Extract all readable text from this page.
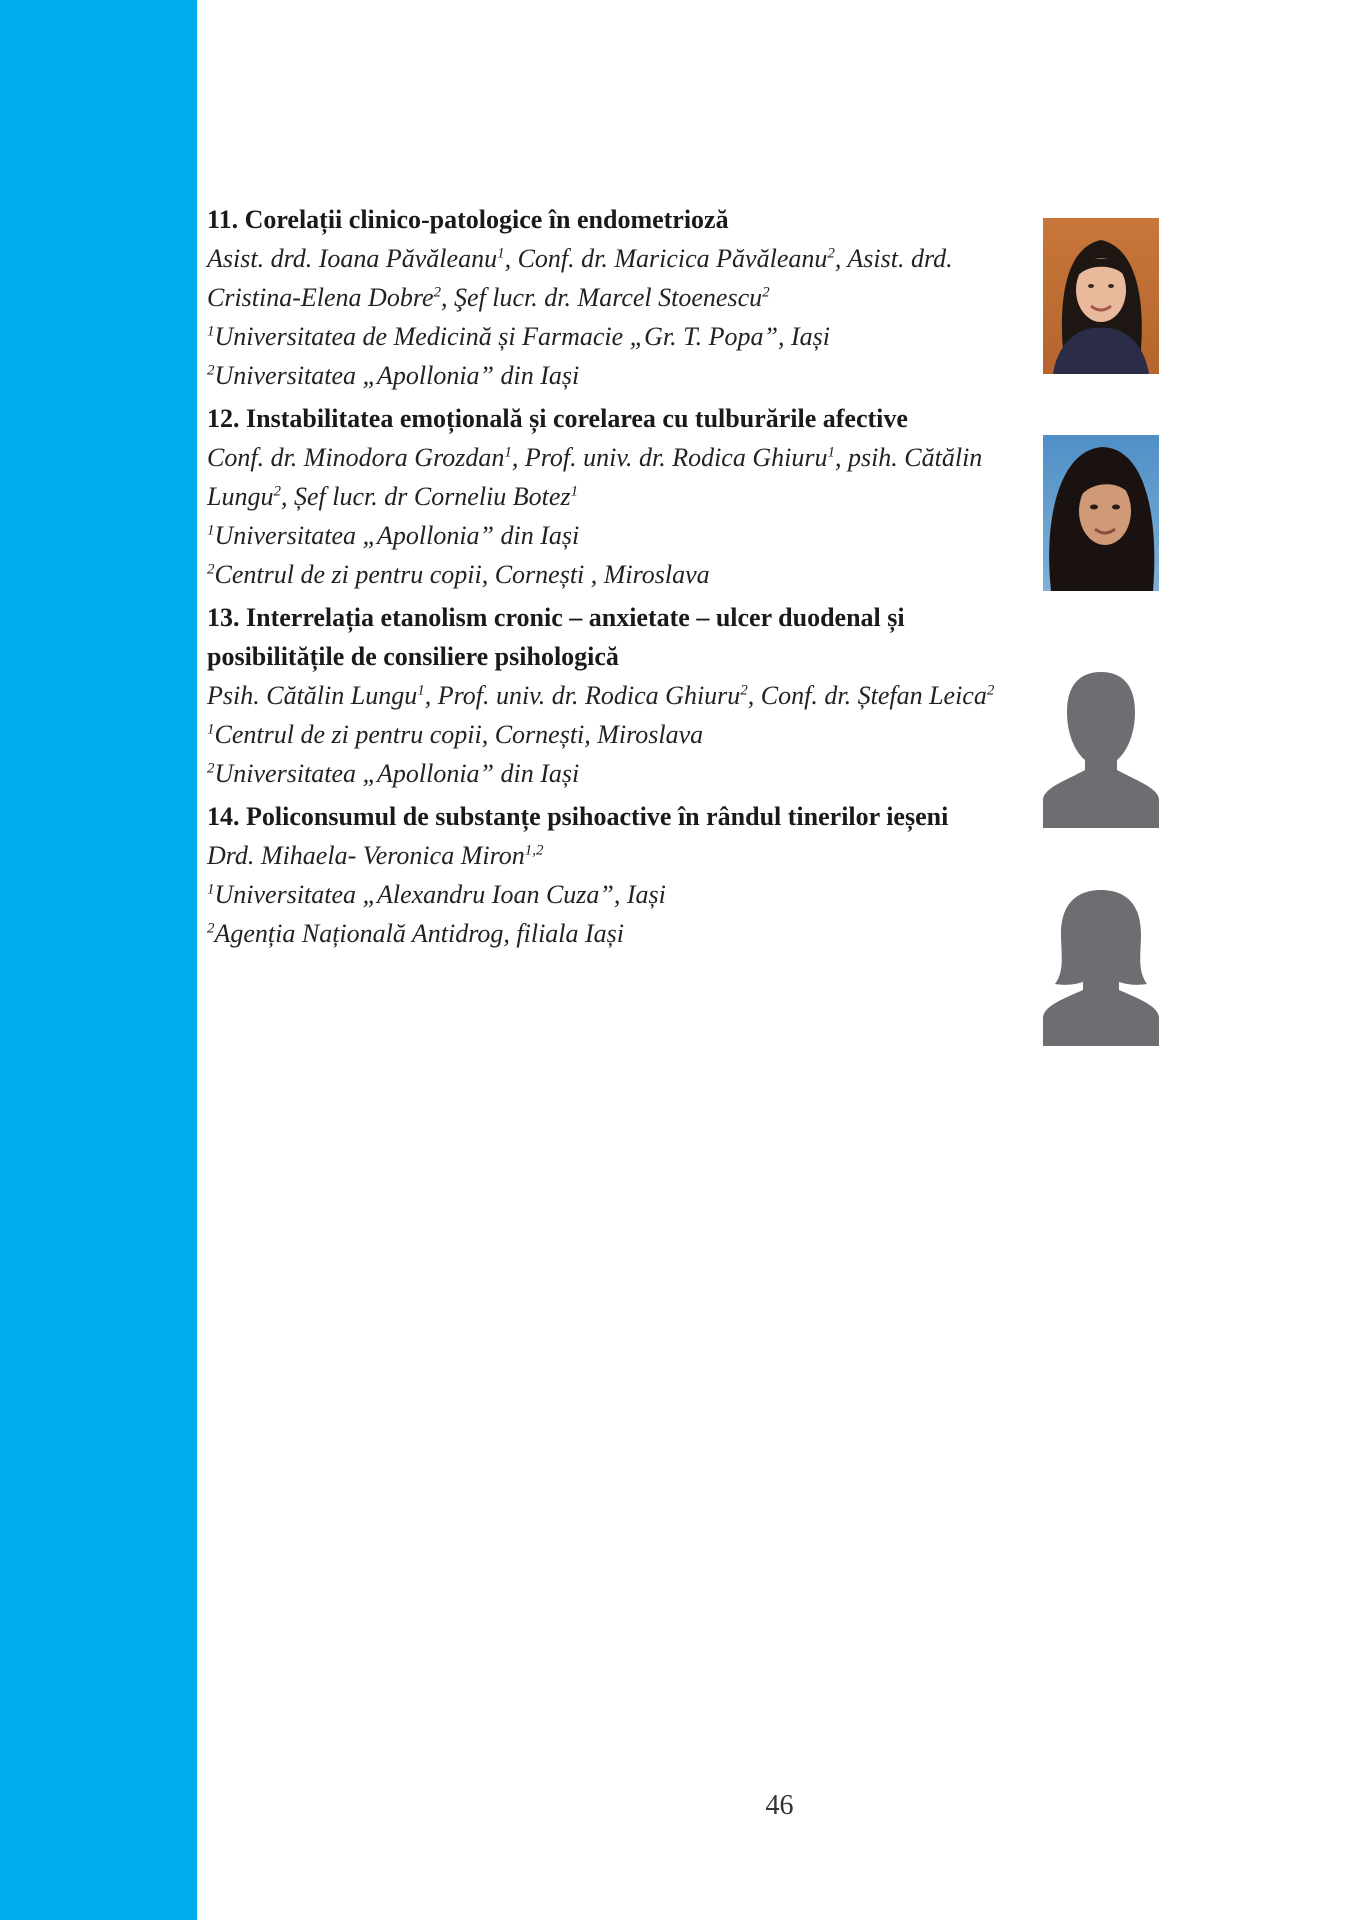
11. Corelații clinico-patologice în endometrioză

Asist. drd. Ioana Păvăleanu$^1$, Conf. dr. Maricica Păvăleanu$^2$, Asist. drd. Cristina-Elena Dobre$^2$, Şef lucr. dr. Marcel Stoenescu$^2$

$^1$Universitatea de Medicină și Farmacie „Gr. T. Popa”, Iași

$^2$Universitatea „Apollonia” din Iași

12. Instabilitatea emoțională și corelarea cu tulburările afective

Conf. dr. Minodora Grozdan$^1$, Prof. univ. dr. Rodica Ghiuru$^1$, psih. Cătălin Lungu$^2$, Șef lucr. dr Corneliu Botez$^1$

$^1$Universitatea „Apollonia” din Iași

$^2$Centrul de zi pentru copii, Cornești , Miroslava

13. Interrelația etanolism cronic – anxietate – ulcer duodenal și posibilitățile de consiliere psihologică

Psih. Cătălin Lungu$^1$, Prof. univ. dr. Rodica Ghiuru$^2$, Conf. dr. Ștefan Leica$^2$

$^1$Centrul de zi pentru copii, Cornești, Miroslava

$^2$Universitatea „Apollonia” din Iași

14. Policonsumul de substanțe psihoactive în rândul tinerilor ieșeni

Drd. Mihaela- Veronica Miron$^{1,2}$

$^1$Universitatea „Alexandru Ioan Cuza”, Iași

$^2$Agenția Națională Antidrog, filiala Iași

46
